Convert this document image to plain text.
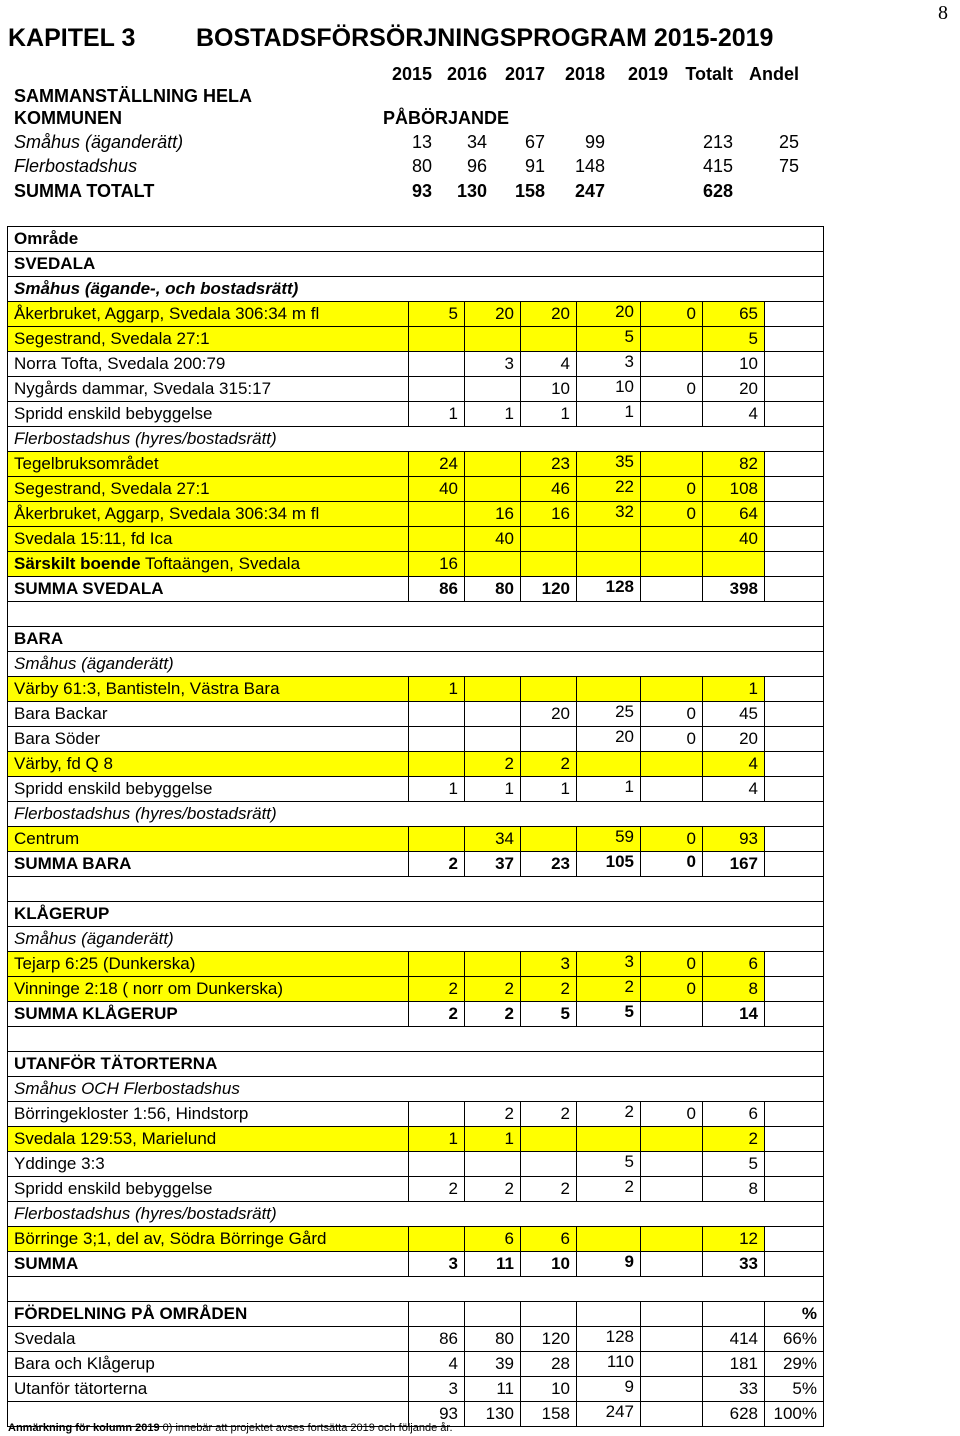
8
KAPITEL 3 BOSTADSFÖRSÖRJNINGSPROGRAM 2015-2019
2015 2016 2017 2018 2019 Totalt Andel
SAMMANSTÄLLNING HELA
KOMMUNEN	PÅBÖRJANDE
Småhus (äganderätt)	13 34 67 99	213	25
Flerbostadshus	80 96 91 148	415	75
SUMMA TOTALT	93 130 158 247	628
Område							
SVEDALA							
Småhus (ägande-, och bostadsrätt)							
Åkerbruket, Aggarp, Svedala 306:34 m fl	5	20	20	20	0	65	
Segestrand, Svedala 27:1				5		5	
Norra Tofta, Svedala 200:79		3	4	3		10	
Nygårds dammar, Svedala 315:17			10	10	0	20	
Spridd enskild bebyggelse	1	1	1	1		4	
Flerbostadshus (hyres/bostadsrätt)							
Tegelbruksområdet	24		23	35		82	
Segestrand, Svedala 27:1	40		46	22	0	108	
Åkerbruket, Aggarp, Svedala 306:34 m fl		16	16	32	0	64	
Svedala 15:11, fd Ica		40				40	
Särskilt boende Toftaängen, Svedala	16						
SUMMA SVEDALA	86	80	120	128		398	

BARA							
Småhus (äganderätt)							
Värby 61:3, Bantisteln, Västra Bara	1					1	
Bara Backar			20	25	0	45	
Bara Söder				20	0	20	
Värby, fd Q 8		2	2			4	
Spridd enskild bebyggelse	1	1	1	1		4	
Flerbostadshus (hyres/bostadsrätt)							
Centrum		34		59	0	93	
SUMMA BARA	2	37	23	105	0	167	

KLÅGERUP							
Småhus (äganderätt)							
Tejarp 6:25 (Dunkerska)			3	3	0	6	
Vinninge 2:18 ( norr om Dunkerska)	2	2	2	2	0	8	
SUMMA KLÅGERUP	2	2	5	5		14	

UTANFÖR TÄTORTERNA							
Småhus OCH Flerbostadshus							
Börringekloster 1:56, Hindstorp		2	2	2	0	6	
Svedala 129:53, Marielund	1	1				2	
Yddinge 3:3				5		5	
Spridd enskild bebyggelse	2	2	2	2		8	
Flerbostadshus (hyres/bostadsrätt)							
Börringe 3;1, del av, Södra Börringe Gård		6	6			12	
SUMMA	3	11	10	9		33	

FÖRDELNING PÅ OMRÅDEN							%
Svedala	86	80	120	128		414	66%
Bara och Klågerup	4	39	28	110		181	29%
Utanför tätorterna	3	11	10	9		33	5%
	93	130	158	247		628	100%
Anmärkning för kolumn 2019 0) innebär att projektet avses fortsätta 2019 och följande år.
